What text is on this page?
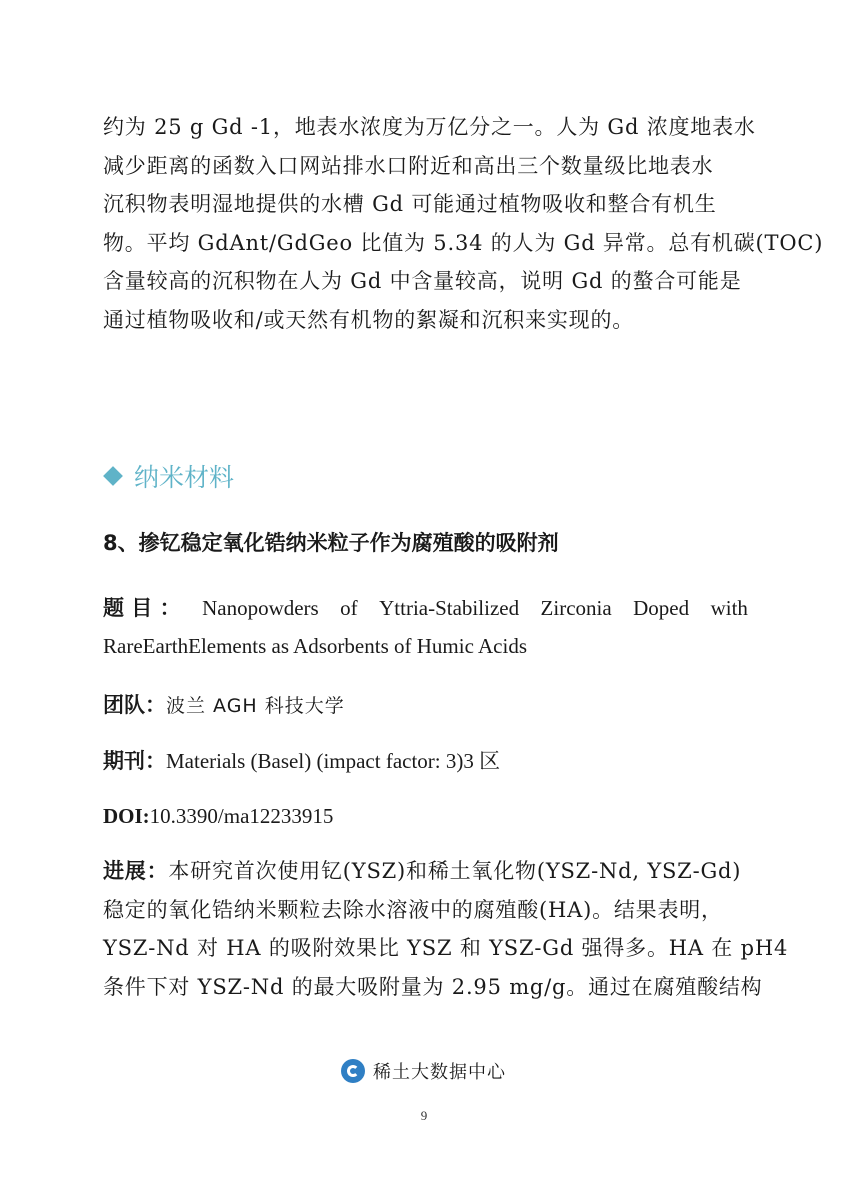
约为 25 g Gd -1，地表水浓度为万亿分之一。人为 Gd 浓度地表水
减少距离的函数入口网站排水口附近和高出三个数量级比地表水
沉积物表明湿地提供的水槽 Gd 可能通过植物吸收和整合有机生
物。平均 GdAnt/GdGeo 比值为 5.34 的人为 Gd 异常。总有机碳(TOC)
含量较高的沉积物在人为 Gd 中含量较高，说明 Gd 的螯合可能是
通过植物吸收和/或天然有机物的絮凝和沉积来实现的。
纳米材料
8、掺钇稳定氧化锆纳米粒子作为腐殖酸的吸附剂
题 目 ： Nanopowders of Yttria-Stabilized Zirconia Doped with
RareEarthElements as Adsorbents of Humic Acids
团队：波兰 AGH 科技大学
期刊：Materials (Basel) (impact factor: 3)3 区
DOI:10.3390/ma12233915
进展：本研究首次使用钇(YSZ)和稀土氧化物(YSZ-Nd, YSZ-Gd)
稳定的氧化锆纳米颗粒去除水溶液中的腐殖酸(HA)。结果表明，
YSZ-Nd 对 HA 的吸附效果比 YSZ 和 YSZ-Gd 强得多。HA 在 pH4
条件下对 YSZ-Nd 的最大吸附量为 2.95 mg/g。通过在腐殖酸结构
稀土大数据中心
9
